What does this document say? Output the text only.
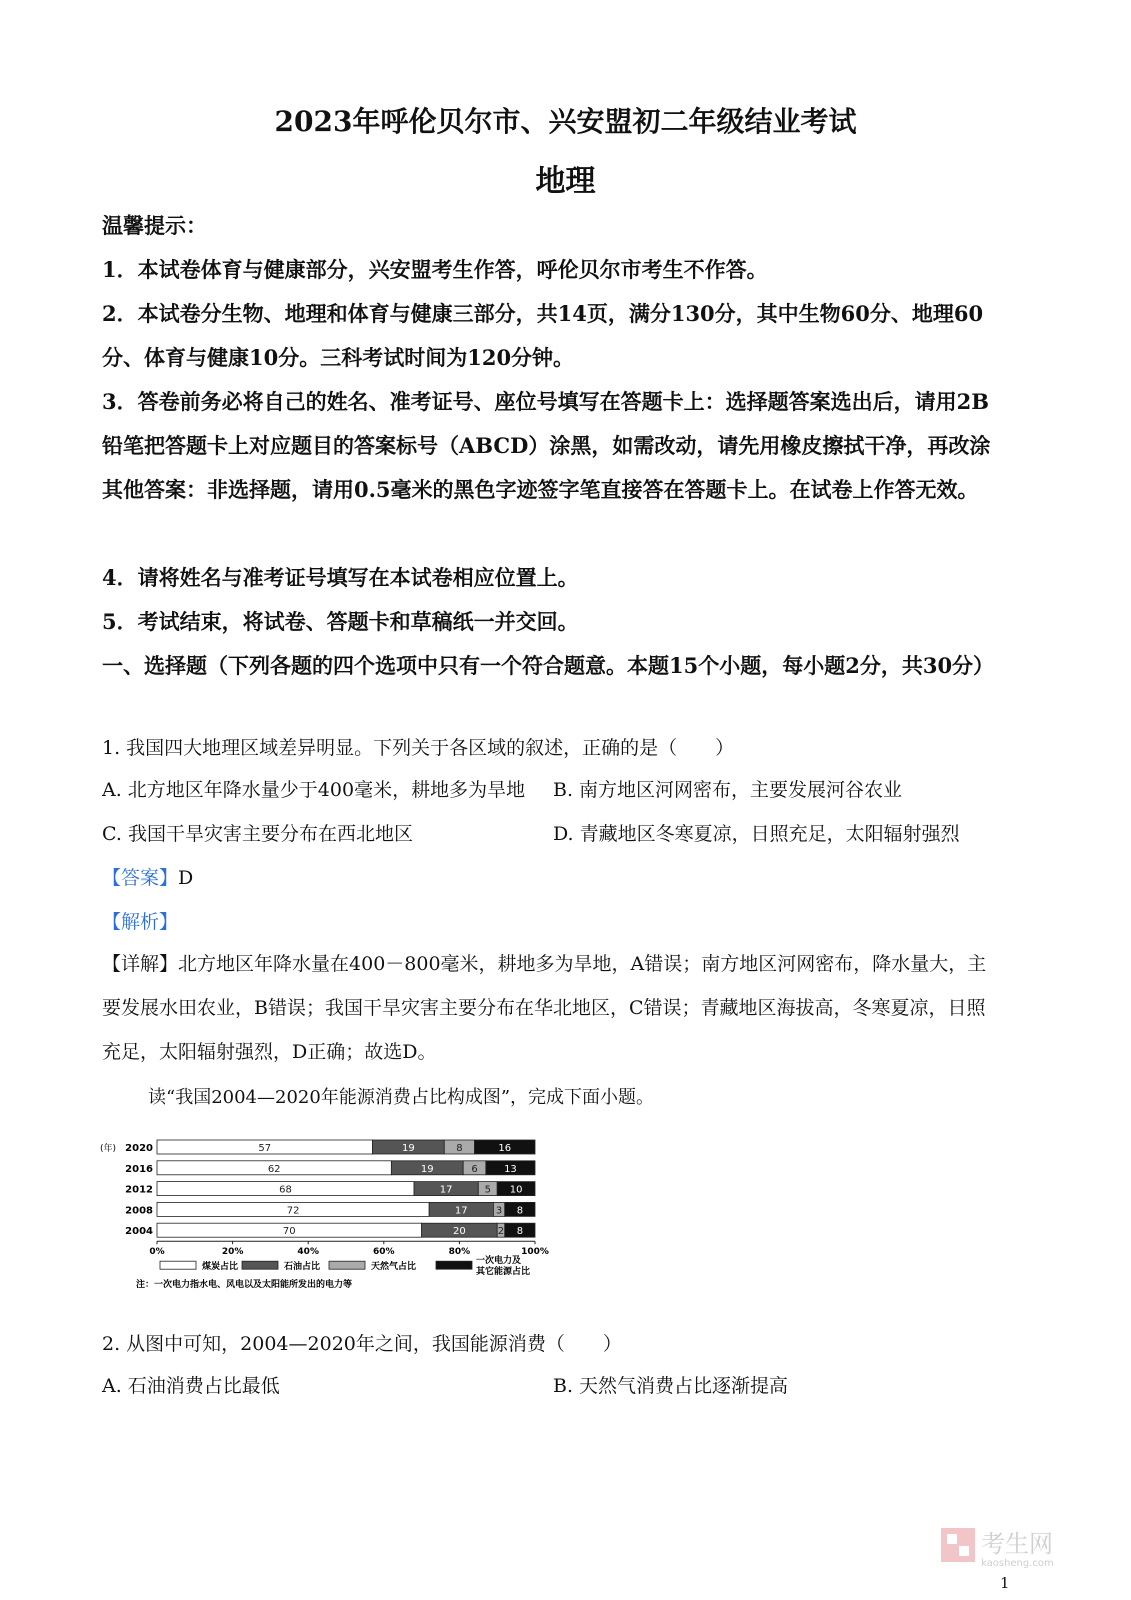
2023年呼伦贝尔市、兴安盟初二年级结业考试
地理
温馨提示：
1．本试卷体育与健康部分，兴安盟考生作答，呼伦贝尔市考生不作答。
2．本试卷分生物、地理和体育与健康三部分，共14页，满分130分，其中生物60分、地理60分、体育与健康10分。三科考试时间为120分钟。
3．答卷前务必将自己的姓名、准考证号、座位号填写在答题卡上：选择题答案选出后，请用2B铅笔把答题卡上对应题目的答案标号（ABCD）涂黑，如需改动，请先用橡皮擦拭干净，再改涂其他答案：非选择题，请用0.5毫米的黑色字迹签字笔直接答在答题卡上。在试卷上作答无效。
4．请将姓名与准考证号填写在本试卷相应位置上。
5．考试结束，将试卷、答题卡和草稿纸一并交回。
一、选择题（下列各题的四个选项中只有一个符合题意。本题15个小题，每小题2分，共30分）
1. 我国四大地理区域差异明显。下列关于各区域的叙述，正确的是（　　）
A. 北方地区年降水量少于400毫米，耕地多为旱地 B. 南方地区河网密布，主要发展河谷农业
C. 我国干旱灾害主要分布在西北地区	D. 青藏地区冬寒夏凉，日照充足，太阳辐射强烈
【答案】D
【解析】
【详解】北方地区年降水量在400－800毫米，耕地多为旱地，A错误；南方地区河网密布，降水量大，主要发展水田农业，B错误；我国干旱灾害主要分布在华北地区，C错误；青藏地区海拔高，冬寒夏凉，日照充足，太阳辐射强烈，D正确；故选D。
读“我国2004—2020年能源消费占比构成图”，完成下面小题。
(年) 2020	57	19	8	16
2016	62	19	6	13
2012	68	17	5 10
2008	72	17	3 8
2004	70	20	2 8
0%	20%	40%	60%	80%	100%
煤炭占比	石油占比	天然气占比
一次电力及
其它能源占比
注：一次电力指水电、风电以及太阳能所发出的电力等
2. 从图中可知，2004—2020年之间，我国能源消费（　　）
A. 石油消费占比最低	B. 天然气消费占比逐渐提高
考生网
kaosheng.com
1
